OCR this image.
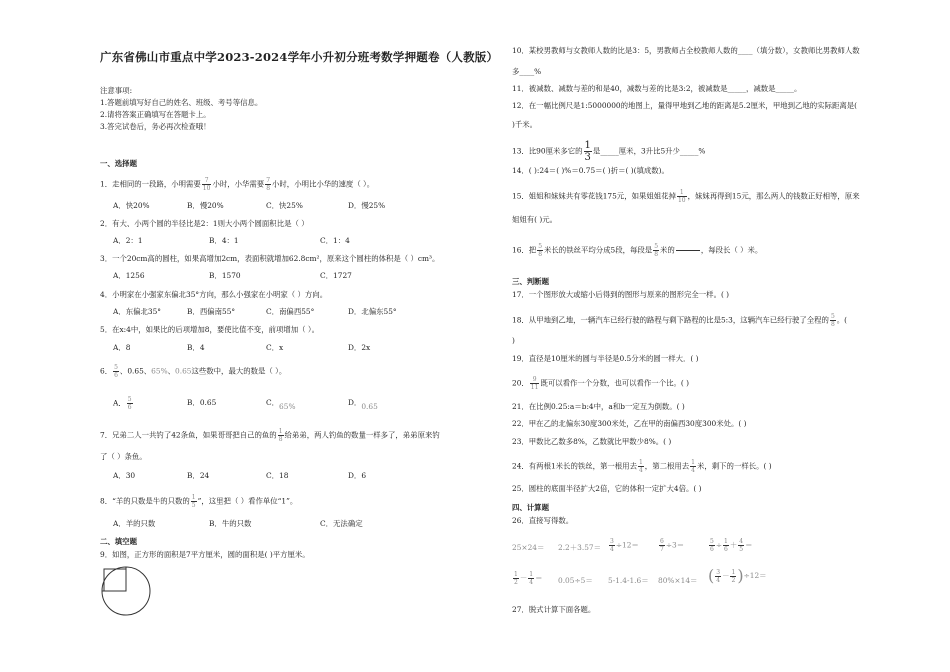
广东省佛山市重点中学2023-2024学年小升初分班考数学押题卷（人教版）
注意事项:
1.答题前填写好自己的姓名、班级、考号等信息。
2.请将答案正确填写在答题卡上。
3.答完试卷后，务必再次检查哦！
一、选择题
1．走相同的一段路，小明需要 $\frac{7}{10}$ 小时，小华需要 $\frac{7}{8}$ 小时，小明比小华的速度（ ）。
A．快20%	B．慢20%	C．快25%	D．慢25%
2．有大、小两个圆的半径比是2：1则大小两个圆面积比是（ ）
A．2：1	B．4：1	C．1：4
3．一个20cm高的圆柱，如果高增加2cm，表面积就增加62.8cm²，原来这个圆柱的体积是（ ）cm³。
A．1256	B．1570	C．1727
4．小明家在小强家东偏北35°方向，那么小强家在小明家（ ）方向。
A．东偏北35°	B．西偏南55°	C．南偏西55°	D．北偏东55°
5．在x:4中，如果比的后项增加8，要使比值不变，前项增加（ ）。
A．8	B．4	C．x	D．2x
6． $\frac{5}{6}$ 、0.65、65%、0.65这些数中，最大的数是（ ）。
A． $\frac{5}{6}$	B．0.65	C．65%	D．0.65
7．兄弟二人一共钓了42条鱼，如果哥哥把自己的鱼的 $\frac{1}{8}$ 给弟弟，两人钓鱼的数量一样多了，弟弟原来钓
了（ ）条鱼。
A．30	B．24	C．18	D．6
8．“羊的只数是牛的只数的 $\frac{1}{5}$ ”，这里把（ ）看作单位“1”。
A．羊的只数	B．牛的只数	C．无法确定
二、填空题
9．如图，正方形的面积是7平方厘米，圆的面积是( )平方厘米。
10．某校男教师与女教师人数的比是3：5，男教师占全校教师人数的____（填分数），女教师比男教师人数
多____%
11．被减数、减数与差的和是40，减数与差的比是3:2，被减数是_____，减数是_____。
12．在一幅比例尺是1:5000000的地图上，量得甲地到乙地的距离是5.2厘米，甲地到乙地的实际距离是(
)千米。
13．比90厘米多它的 $\frac{1}{3}$ 是_____厘米，3升比5升少_____%
14．( ):24＝( )%＝0.75＝( )折＝( )(填成数)。
15．姐姐和妹妹共有零花钱175元，如果姐姐花掉 $\frac{1}{10}$ ，妹妹再得到15元，那么两人的钱数正好相等，原来
姐姐有( )元。
16．把 $\frac{5}{8}$ 米长的铁丝平均分成5段，每段是 $\frac{5}{8}$ 米的	，每段长（ ）米。
三、判断题
17．一个图形放大或缩小后得到的图形与原来的图形完全一样。( )
18．从甲地到乙地，一辆汽车已经行驶的路程与剩下路程的比是5:3，这辆汽车已经行驶了全程的 $\frac{5}{8}$ 。(
)
19．直径是10厘米的圆与半径是0.5分米的圆一样大．( )
20． $\frac{9}{11}$ 既可以看作一个分数，也可以看作一个比。( )
21．在比例0.25:a＝b:4中，a和b一定互为倒数。( )
22．甲在乙的北偏东30度300米处，乙在甲的南偏西30度300米处。( )
23．甲数比乙数多8%，乙数就比甲数少8%。( )
24．有两根1米长的铁丝，第一根用去 $\frac{1}{4}$ ，第二根用去 $\frac{1}{4}$ 米，剩下的一样长。( )
25．圆柱的底面半径扩大2倍，它的体积一定扩大4倍。( )
四、计算题
26．直接写得数。
$25\times 24= 2.2+3.57= \frac{3}{4} \div 12=$	$\frac{6}{7} \div 3=$	$\frac{5}{6} \div \frac{1}{6} + \frac{4}{5}$ ＝
$\frac{1}{2} - \frac{1}{4} = 0.05\div 5= 5-1.4-1.6= 80\%\times 14=$ ( $\frac{3}{4} - \frac{1}{2} )\div 12=$
27．脱式计算下面各题。
